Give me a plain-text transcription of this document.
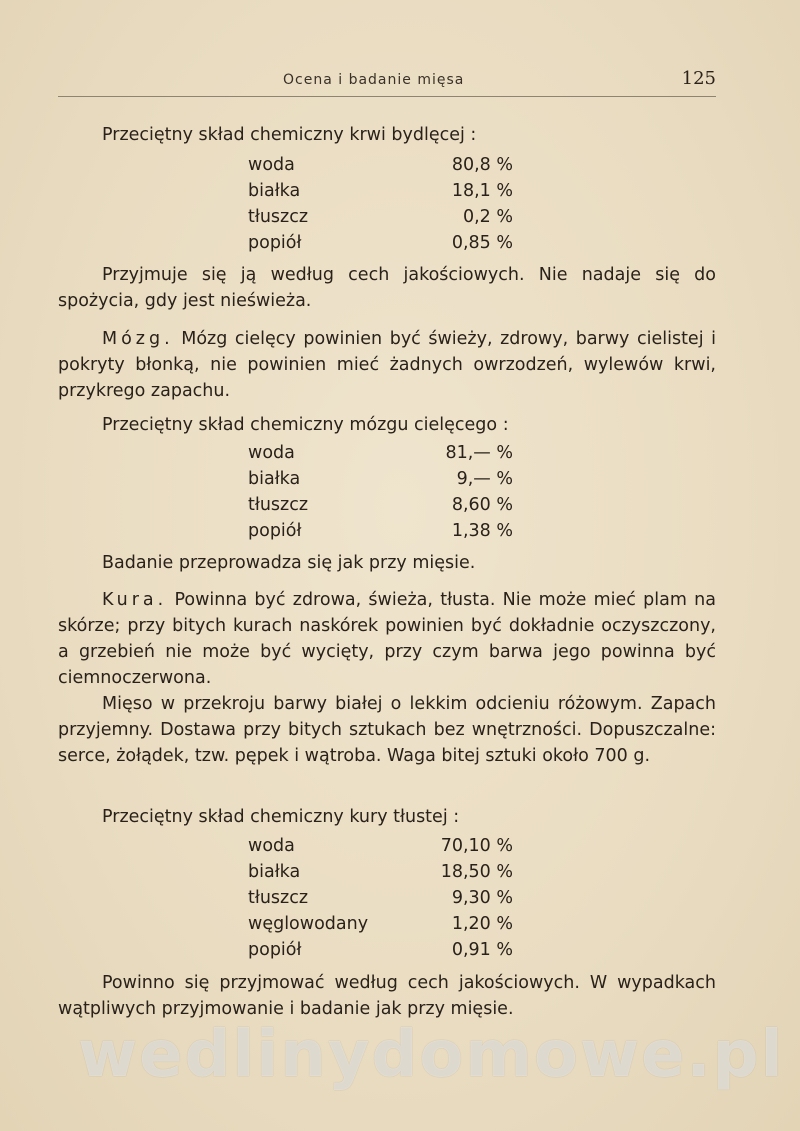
Ocena i badanie mięsa	125

Przeciętny skład chemiczny krwi bydlęcej :

woda	80,8 %
białka	18,1 %
tłuszcz	0,2 %
popiół	0,85 %

Przyjmuje się ją według cech jakościowych. Nie nadaje się do spożycia, gdy jest nieświeża.

Mózg. Mózg cielęcy powinien być świeży, zdrowy, barwy cielistej i pokryty błonką, nie powinien mieć żadnych owrzodzeń, wylewów krwi, przykrego zapachu.

Przeciętny skład chemiczny mózgu cielęcego :

woda	81,— %
białka	9,— %
tłuszcz	8,60 %
popiół	1,38 %

Badanie przeprowadza się jak przy mięsie.

Kura. Powinna być zdrowa, świeża, tłusta. Nie może mieć plam na skórze; przy bitych kurach naskórek powinien być dokładnie oczyszczony, a grzebień nie może być wycięty, przy czym barwa jego powinna być ciemnoczerwona.

Mięso w przekroju barwy białej o lekkim odcieniu różowym. Zapach przyjemny. Dostawa przy bitych sztukach bez wnętrzności. Dopuszczalne: serce, żołądek, tzw. pępek i wątroba. Waga bitej sztuki około 700 g.

Przeciętny skład chemiczny kury tłustej :

woda	70,10 %
białka	18,50 %
tłuszcz	9,30 %
węglowodany	1,20 %
popiół	0,91 %

Powinno się przyjmować według cech jakościowych. W wypadkach wątpliwych przyjmowanie i badanie jak przy mięsie.

wedlinydomowe.pl
